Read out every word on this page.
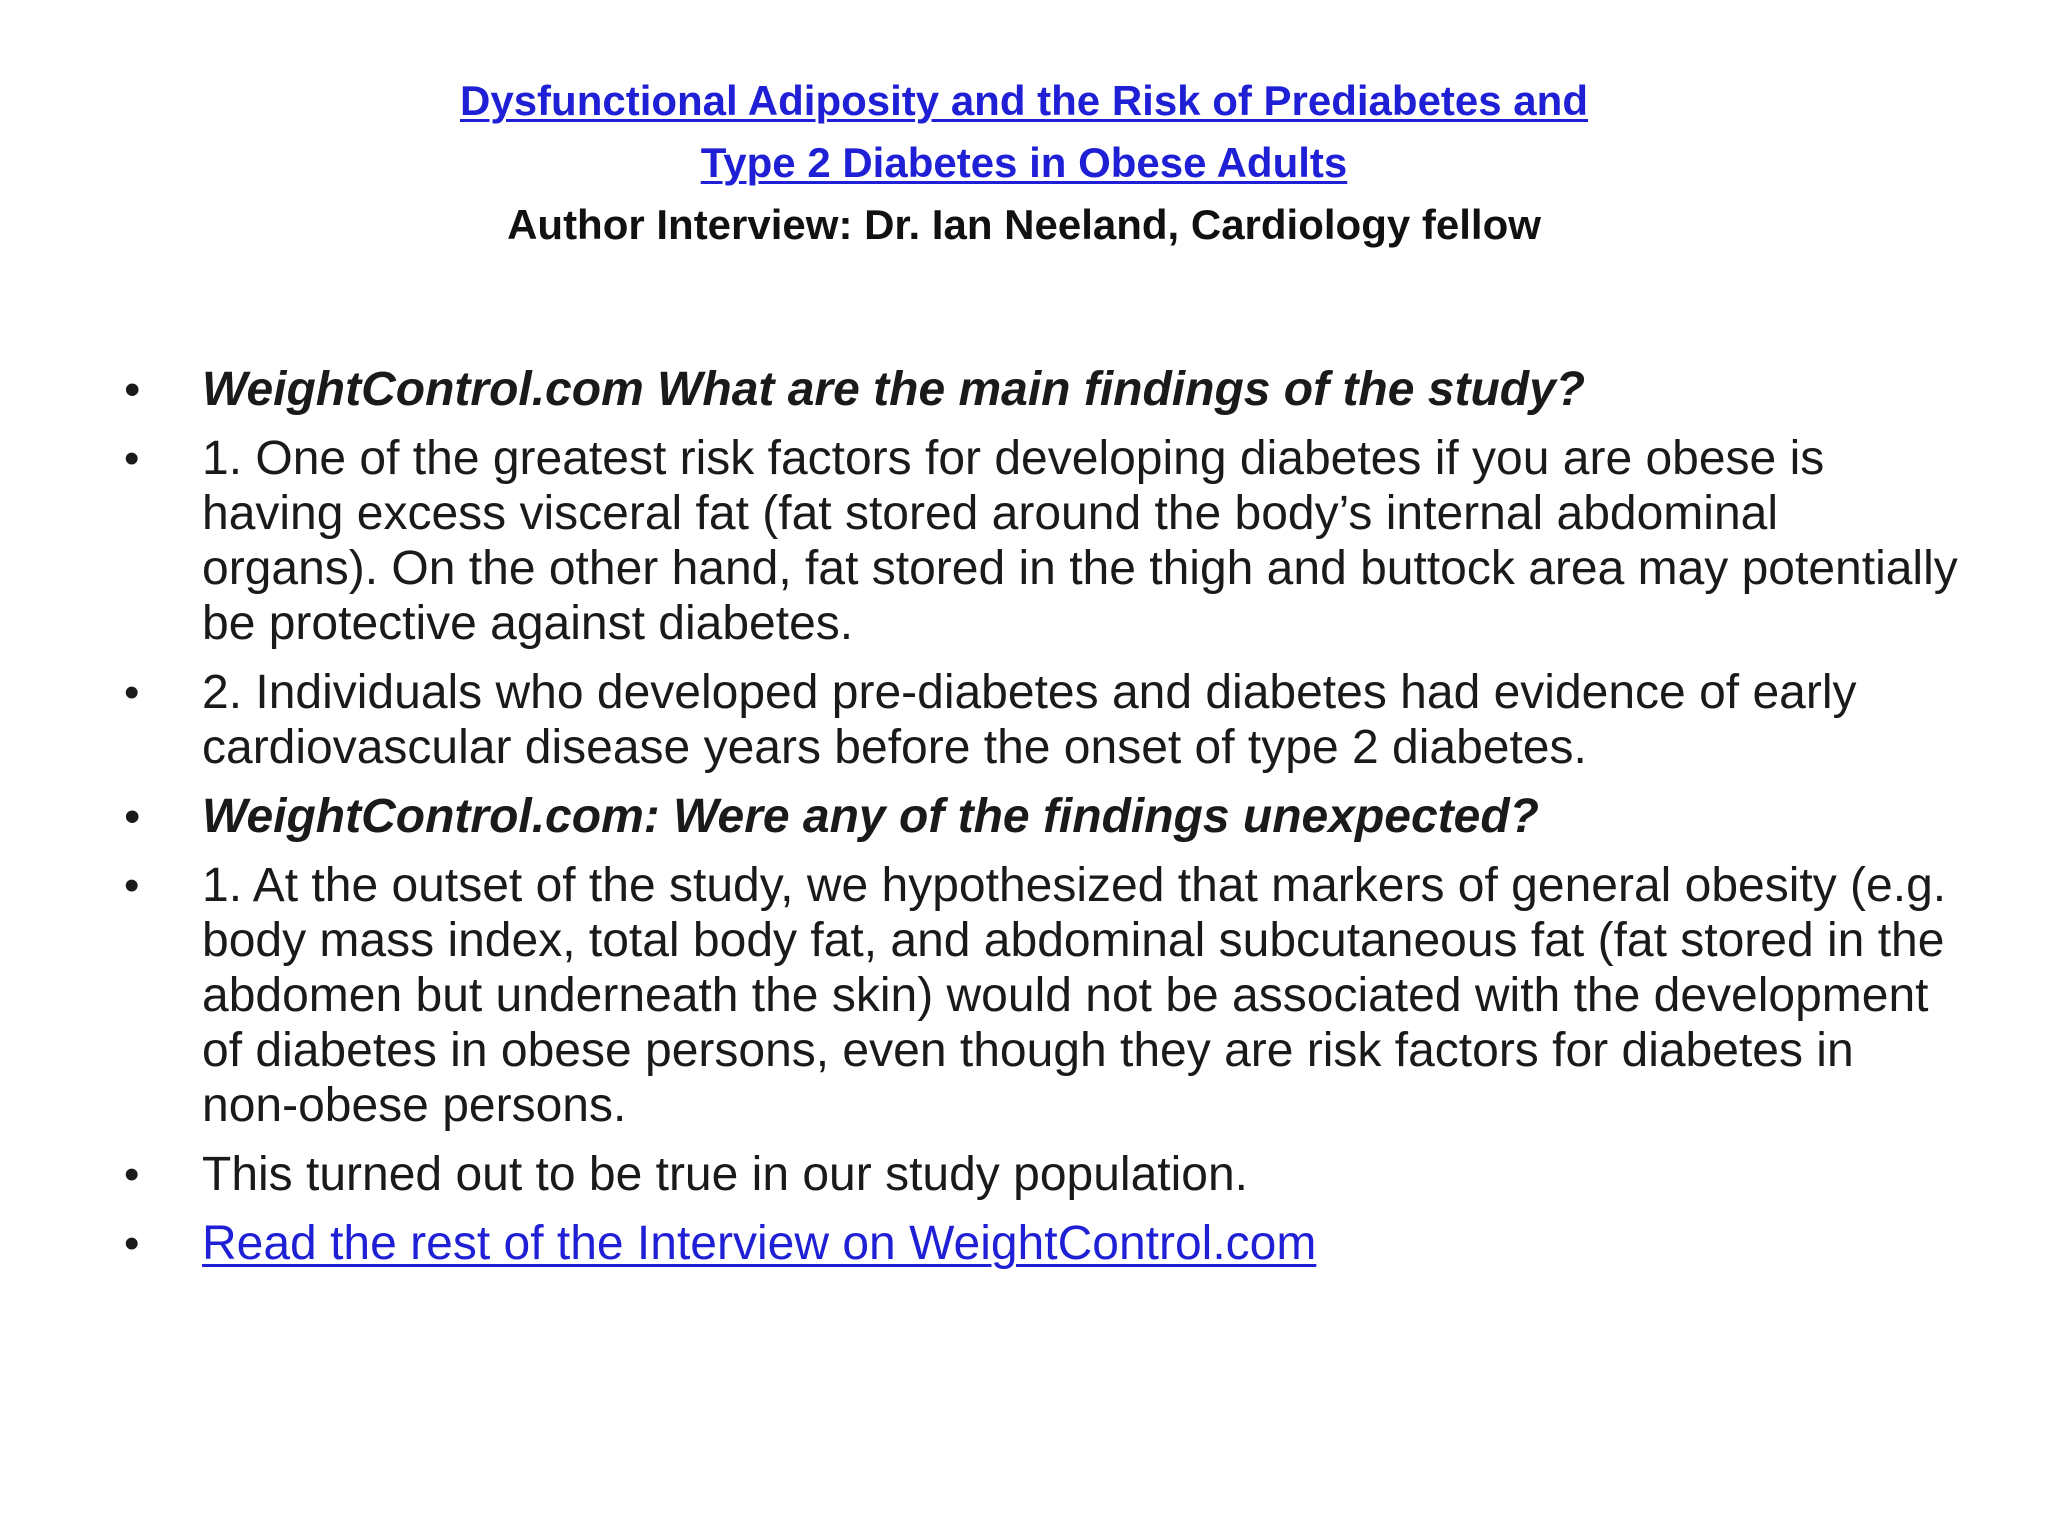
Dysfunctional Adiposity and the Risk of Prediabetes and
Type 2 Diabetes in Obese Adults
Author Interview: Dr. Ian Neeland, Cardiology fellow
•	WeightControl.com What are the main findings of the study?
•	1. One of the greatest risk factors for developing diabetes if you are obese is having excess visceral fat (fat stored around the body’s internal abdominal organs). On the other hand, fat stored in the thigh and buttock area may potentially be protective against diabetes.
•	2. Individuals who developed pre-diabetes and diabetes had evidence of early cardiovascular disease years before the onset of type 2 diabetes.
•	WeightControl.com: Were any of the findings unexpected?
•	1. At the outset of the study, we hypothesized that markers of general obesity (e.g. body mass index, total body fat, and abdominal subcutaneous fat (fat stored in the abdomen but underneath the skin) would not be associated with the development of diabetes in obese persons, even though they are risk factors for diabetes in non-obese persons.
•	This turned out to be true in our study population.
•	Read the rest of the Interview on WeightControl.com
